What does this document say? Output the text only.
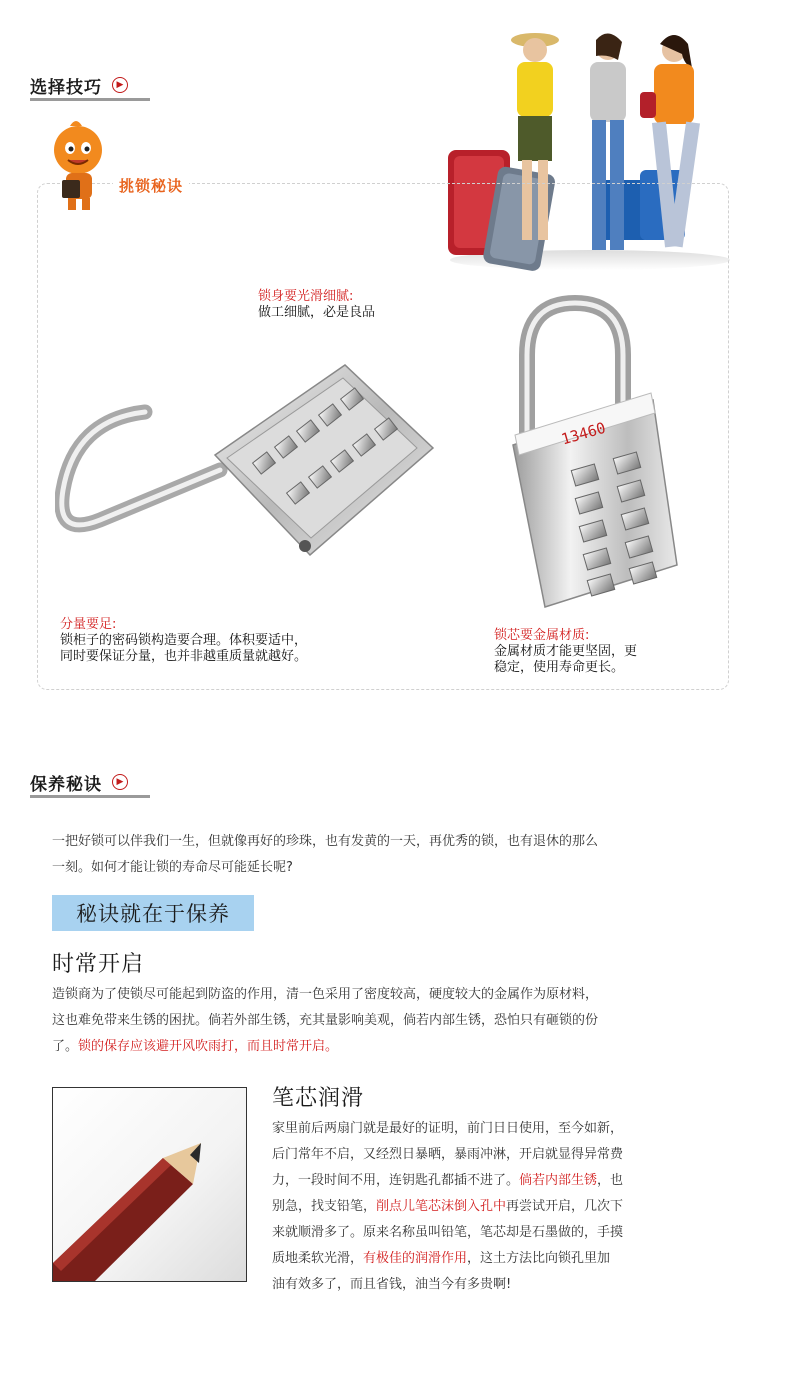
选择技巧	▶
挑锁秘诀
锁身要光滑细腻:
做工细腻，必是良品
13460
分量要足:
锁柜子的密码锁构造要合理。体积要适中，
同时要保证分量，也并非越重质量就越好。
锁芯要金属材质:
金属材质才能更坚固，更
稳定，使用寿命更长。
保养秘诀	▶
一把好锁可以伴我们一生，但就像再好的珍珠，也有发黄的一天，再优秀的锁，也有退休的那么
一刻。如何才能让锁的寿命尽可能延长呢?
秘诀就在于保养
时常开启
造锁商为了使锁尽可能起到防盗的作用，清一色采用了密度较高，硬度较大的金属作为原材料，
这也难免带来生锈的困扰。倘若外部生锈，充其量影响美观，倘若内部生锈，恐怕只有砸锁的份
了。锁的保存应该避开风吹雨打，而且时常开启。
笔芯润滑
家里前后两扇门就是最好的证明，前门日日使用，至今如新，
后门常年不启，又经烈日暴晒，暴雨冲淋，开启就显得异常费
力，一段时间不用，连钥匙孔都插不进了。倘若内部生锈，也
别急，找支铅笔，削点儿笔芯沫倒入孔中再尝试开启，几次下
来就顺滑多了。原来名称虽叫铅笔，笔芯却是石墨做的，手摸
质地柔软光滑，有极佳的润滑作用，这土方法比向锁孔里加
油有效多了，而且省钱，油当今有多贵啊!
